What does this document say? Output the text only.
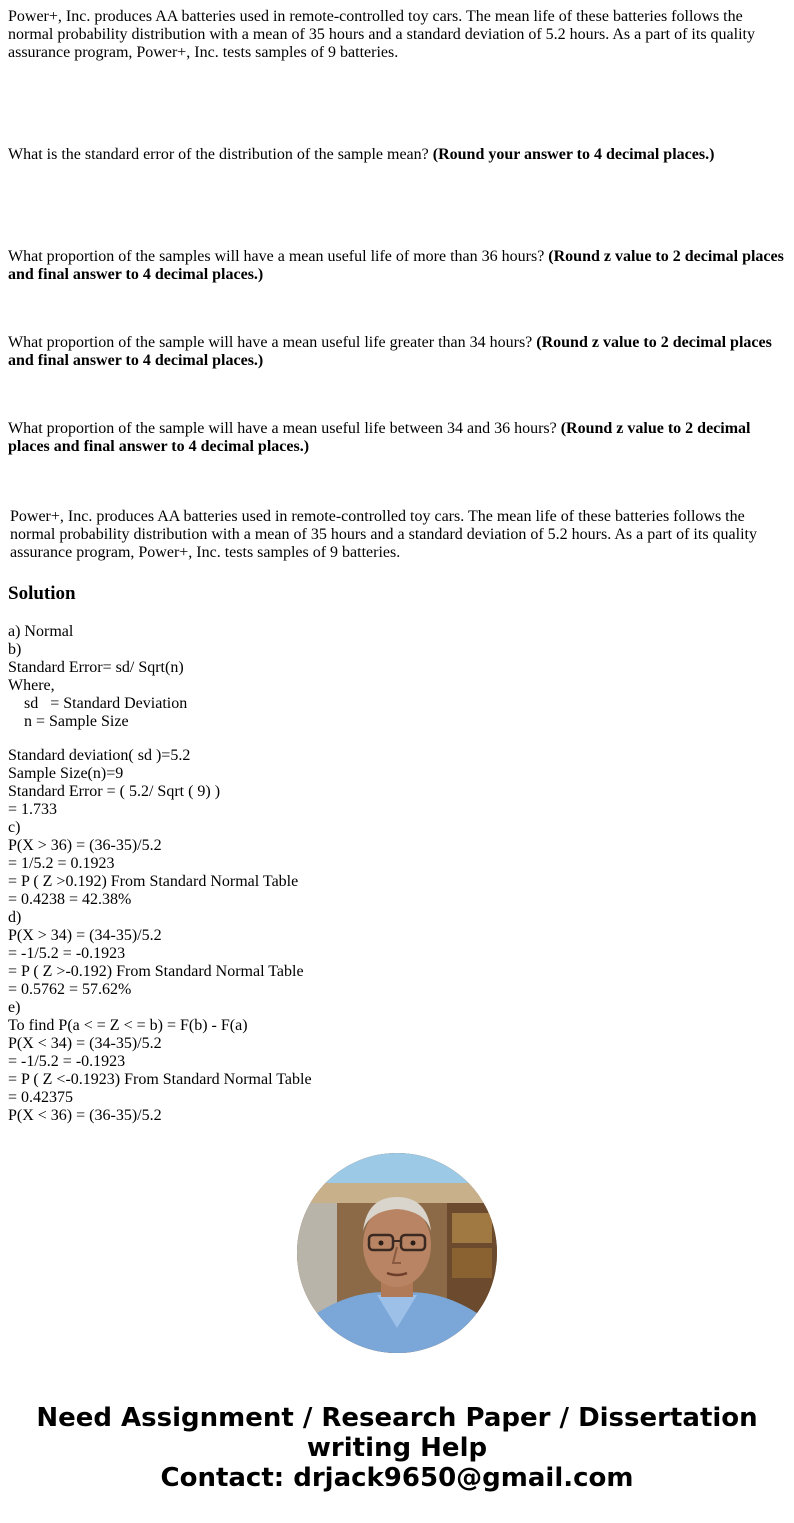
Power+, Inc. produces AA batteries used in remote-controlled toy cars. The mean life of these batteries follows the normal probability distribution with a mean of 35 hours and a standard deviation of 5.2 hours. As a part of its quality assurance program, Power+, Inc. tests samples of 9 batteries.

What is the standard error of the distribution of the sample mean? (Round your answer to 4 decimal places.)

What proportion of the samples will have a mean useful life of more than 36 hours? (Round z value to 2 decimal places and final answer to 4 decimal places.)

What proportion of the sample will have a mean useful life greater than 34 hours? (Round z value to 2 decimal places and final answer to 4 decimal places.)

What proportion of the sample will have a mean useful life between 34 and 36 hours? (Round z value to 2 decimal places and final answer to 4 decimal places.)

Power+, Inc. produces AA batteries used in remote-controlled toy cars. The mean life of these batteries follows the normal probability distribution with a mean of 35 hours and a standard deviation of 5.2 hours. As a part of its quality assurance program, Power+, Inc. tests samples of 9 batteries.

Solution
a) Normal
b)
Standard Error= sd/ Sqrt(n)
Where,
sd   = Standard Deviation
n = Sample Size
Standard deviation( sd )=5.2
Sample Size(n)=9
Standard Error = ( 5.2/ Sqrt ( 9) )
= 1.733
c)
P(X > 36) = (36-35)/5.2
= 1/5.2 = 0.1923
= P ( Z >0.192) From Standard Normal Table
= 0.4238 = 42.38%
d)
P(X > 34) = (34-35)/5.2
= -1/5.2 = -0.1923
= P ( Z >-0.192) From Standard Normal Table
= 0.5762 = 57.62%
e)
To find P(a < = Z < = b) = F(b) - F(a)
P(X < 34) = (34-35)/5.2
= -1/5.2 = -0.1923
= P ( Z <-0.1923) From Standard Normal Table
= 0.42375
P(X < 36) = (36-35)/5.2
Need Assignment / Research Paper / Dissertation
writing Help
Contact: drjack9650@gmail.com
